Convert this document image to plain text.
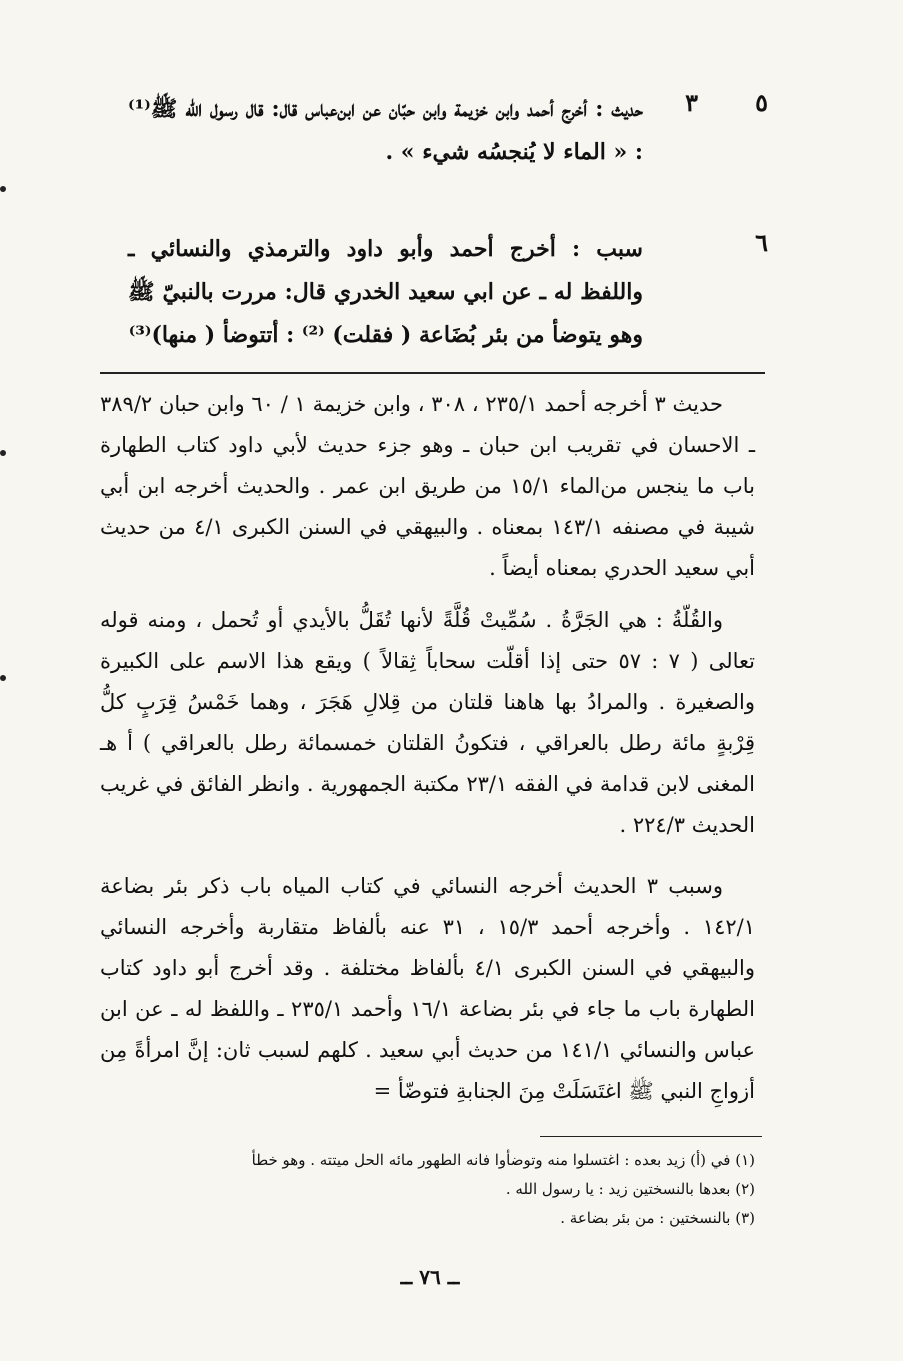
٥
٣
حديث : أخرج أحمد وابن خزيمة وابن حبّان عن ابن‌عباس قال: قال رسول الله ﷺ⁽¹⁾ : « الماء لا يُنجسُه شيء » .
٦
سبب : أخرج أحمد وأبو داود والترمذي والنسائي ـ واللفظ له ـ عن ابي سعيد الخدري قال: مررت بالنبيّ ﷺ وهو يتوضأ من بئر بُضَاعة ( فقلت) ⁽²⁾ : أتتوضأ ( منها)⁽³⁾

حديث ٣ أخرجه أحمد ٢٣٥/١ ، ٣٠٨ ، وابن خزيمة ١ / ٦٠ وابن حبان ٣٨٩/٢ ـ الاحسان في تقريب ابن حبان ـ وهو جزء حديث لأبي داود كتاب الطهارة باب ما ينجس من‌الماء ١٥/١ من طريق ابن عمر . والحديث أخرجه ابن أبي شيبة في مصنفه ١٤٣/١ بمعناه . والبيهقي في السنن الكبرى ٤/١ من حديث أبي سعيد الحدري بمعناه أيضاً .

والقُلّةُ : هي الجَرَّةُ . سُمِّيتْ قُلَّةً لأنها تُقَلُّ بالأيدي أو تُحمل ، ومنه قوله تعالى ( ٧ : ٥٧ حتى إذا أقلّت سحاباً ثِقالاً ) ويقع هذا الاسم على الكبيرة والصغيرة . والمرادُ بها هاهنا قلتان من قِلالِ هَجَرَ ، وهما خَمْسُ قِرَبٍ كلُّ قِرْبةٍ مائة رطل بالعراقي ، فتكونُ القلتان خمسمائة رطل بالعراقي ) أ هـ المغنى لابن قدامة في الفقه ٢٣/١ مكتبة الجمهورية . وانظر الفائق في غريب الحديث ٢٢٤/٣ .

وسبب ٣ الحديث أخرجه النسائي في كتاب المياه باب ذكر بئر بضاعة ١٤٢/١ . وأخرجه أحمد ١٥/٣ ، ٣١ عنه بألفاظ متقاربة وأخرجه النسائي والبيهقي في السنن الكبرى ٤/١ بألفاظ مختلفة . وقد أخرج أبو داود كتاب الطهارة باب ما جاء في بئر بضاعة ١٦/١ وأحمد ٢٣٥/١ ـ واللفظ له ـ عن ابن عباس والنسائي ١٤١/١ من حديث أبي سعيد . كلهم لسبب ثان: إنَّ امرأةً مِن أزواجِ النبي ﷺ اغتَسَلَتْ مِنَ الجنابةِ فتوضّأ =

(١) في (أ) زيد بعده : اغتسلوا منه وتوضأوا فانه الطهور مائه الحل ميتته . وهو خطأ
(٢) بعدها بالنسختين زيد : يا رسول الله .
(٣) بالنسختين : من بئر بضاعة .
ــ ٧٦ ــ
